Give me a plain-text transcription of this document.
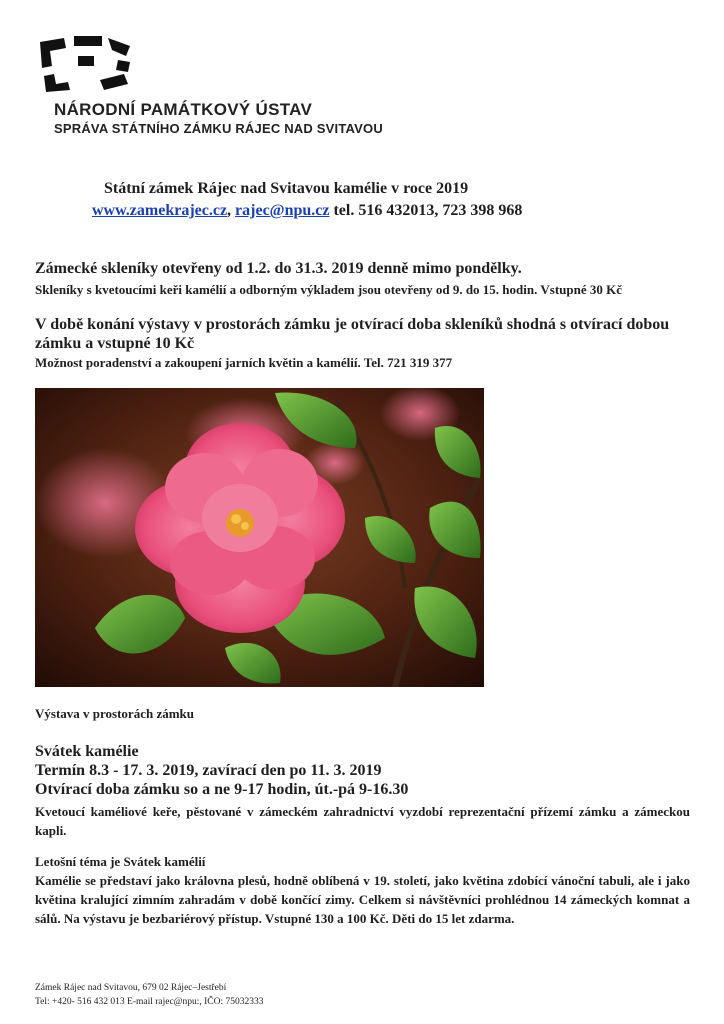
NÁRODNÍ PAMÁTKOVÝ ÚSTAV
SPRÁVA STÁTNÍHO ZÁMKU RÁJEC NAD SVITAVOU
Státní zámek Rájec nad Svitavou kamélie v roce 2019
www.zamekrajec.cz, rajec@npu.cz tel. 516 432013, 723 398 968
Zámecké skleníky otevřeny od 1.2. do 31.3. 2019 denně mimo pondělky.
Skleníky s kvetoucími keři kamélií a odborným výkladem jsou otevřeny od 9. do 15. hodin. Vstupné 30 Kč
V době konání výstavy v prostorách zámku je otvírací doba skleníků shodná s otvírací dobou zámku a vstupné 10 Kč
Možnost poradenství a zakoupení jarních květin a kamélií. Tel. 721 319 377
Výstava v prostorách zámku
Svátek kamélie
Termín 8.3 - 17. 3. 2019, zavírací den po 11. 3. 2019
Otvírací doba zámku so a ne 9-17 hodin, út.-pá 9-16.30
Kvetoucí kaméliové keře, pěstované v zámeckém zahradnictví vyzdobí reprezentační přízemí zámku a zámeckou kapli.
Letošní téma je Svátek kamélií
Kamélie se představí jako královna plesů, hodně oblíbená v 19. století, jako květina zdobící vánoční tabuli, ale i jako květina kralující zimním zahradám v době končící zimy. Celkem si návštěvníci prohlédnou 14 zámeckých komnat a sálů. Na výstavu je bezbariérový přístup. Vstupné 130 a 100 Kč. Děti do 15 let zdarma.
Zámek Rájec nad Svitavou, 679 02 Rájec–Jestřebí
Tel: +420- 516 432 013 E-mail rajec@npu:, IČO: 75032333
